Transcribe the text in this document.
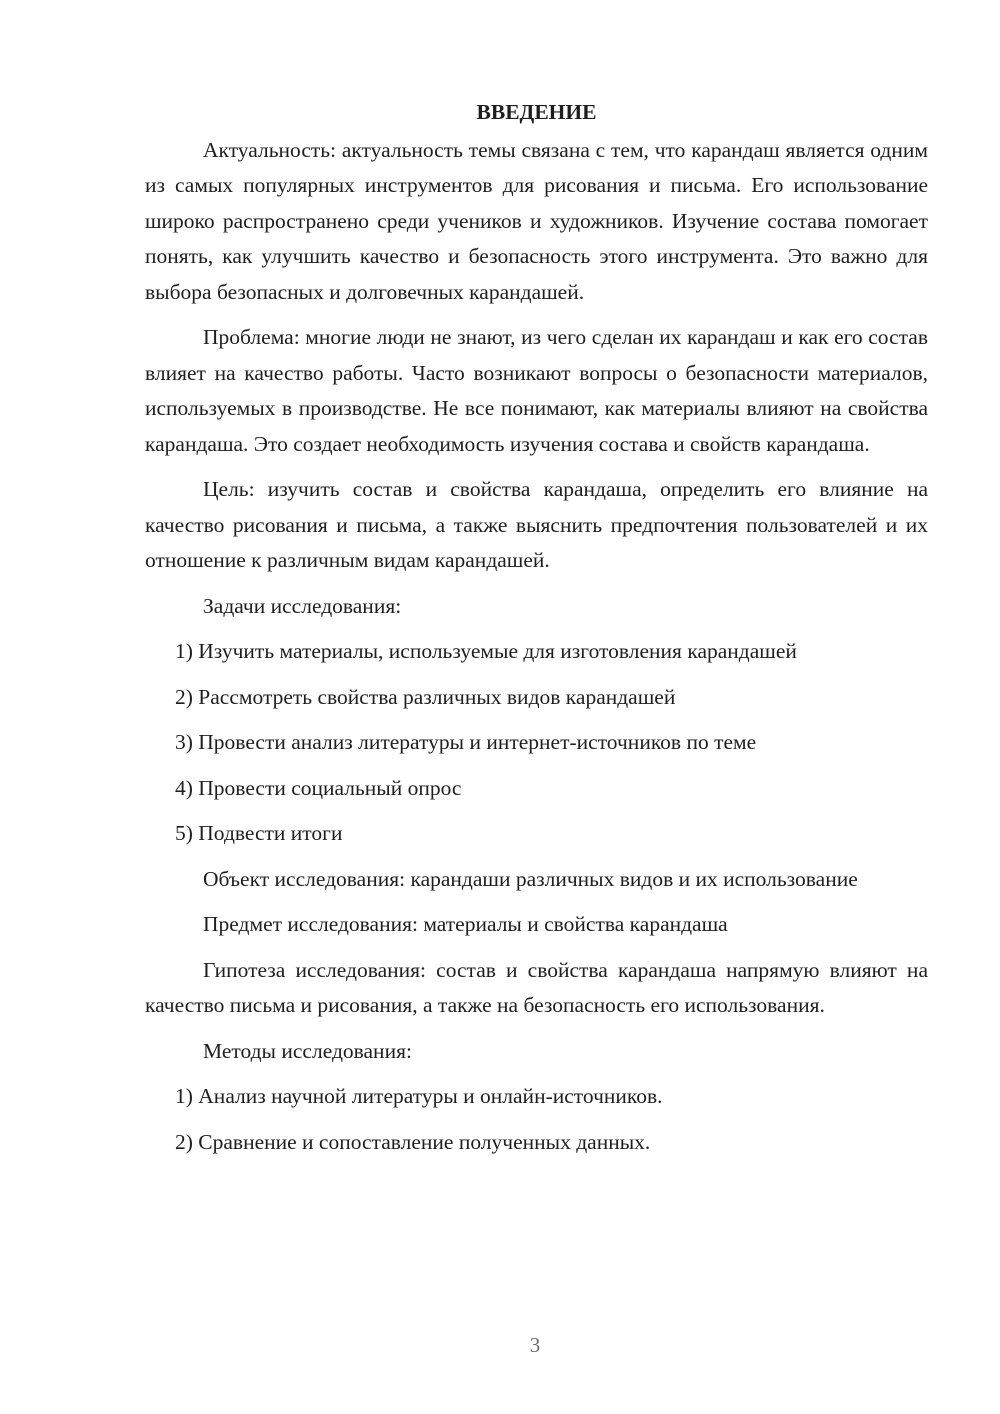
ВВЕДЕНИЕ

Актуальность: актуальность темы связана с тем, что карандаш является одним из самых популярных инструментов для рисования и письма. Его использование широко распространено среди учеников и художников. Изучение состава помогает понять, как улучшить качество и безопасность этого инструмента. Это важно для выбора безопасных и долговечных карандашей.

Проблема: многие люди не знают, из чего сделан их карандаш и как его состав влияет на качество работы. Часто возникают вопросы о безопасности материалов, используемых в производстве. Не все понимают, как материалы влияют на свойства карандаша. Это создает необходимость изучения состава и свойств карандаша.

Цель: изучить состав и свойства карандаша, определить его влияние на качество рисования и письма, а также выяснить предпочтения пользователей и их отношение к различным видам карандашей.

Задачи исследования:

1) Изучить материалы, используемые для изготовления карандашей
2) Рассмотреть свойства различных видов карандашей
3) Провести анализ литературы и интернет-источников по теме
4) Провести социальный опрос
5) Подвести итоги

Объект исследования: карандаши различных видов и их использование

Предмет исследования: материалы и свойства карандаша

Гипотеза исследования: состав и свойства карандаша напрямую влияют на качество письма и рисования, а также на безопасность его использования.

Методы исследования:

1) Анализ научной литературы и онлайн-источников.
2) Сравнение и сопоставление полученных данных.
3
